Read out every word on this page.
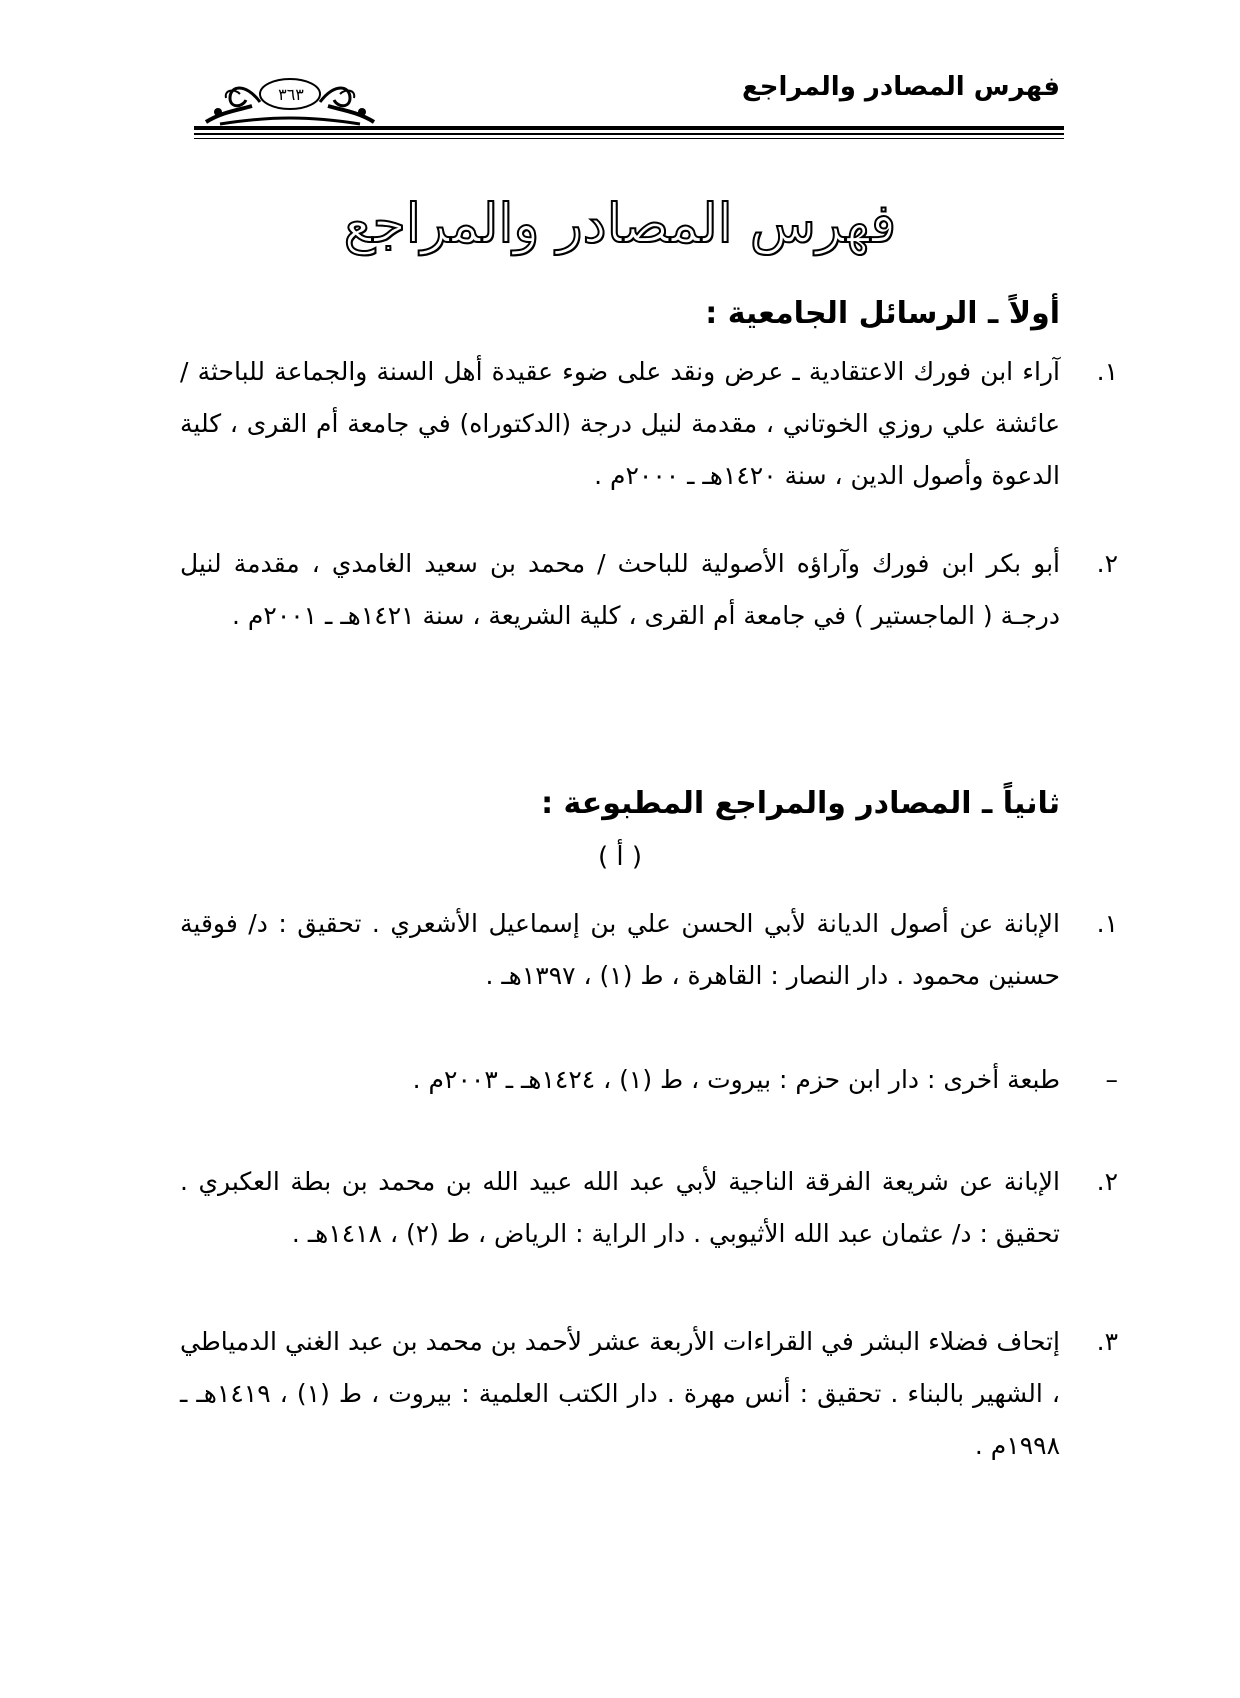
فهرس المصادر والمراجع
٣٦٣
فهرس المصادر والمراجع
أولاً ـ الرسائل الجامعية :
١.
آراء ابن فورك الاعتقادية ـ عرض ونقد على ضوء عقيدة أهل السنة والجماعة للباحثة / عائشة علي روزي الخوتاني ، مقدمة لنيل درجة (الدكتوراه) في جامعة أم القرى ، كلية الدعوة وأصول الدين ، سنة ١٤٢٠هـ ـ ٢٠٠٠م .
٢.
أبو بكر ابن فورك وآراؤه الأصولية للباحث / محمد بن سعيد الغامدي ، مقدمة لنيل درجـة ( الماجستير ) في جامعة أم القرى ، كلية الشريعة ، سنة ١٤٢١هـ ـ ٢٠٠١م .
ثانياً ـ المصادر والمراجع المطبوعة :
( أ )
١.
الإبانة عن أصول الديانة لأبي الحسن علي بن إسماعيل الأشعري . تحقيق : د/ فوقية حسنين محمود . دار النصار : القاهرة ، ط (١) ، ١٣٩٧هـ .
–
طبعة أخرى : دار ابن حزم : بيروت ، ط (١) ، ١٤٢٤هـ ـ ٢٠٠٣م .
٢.
الإبانة عن شريعة الفرقة الناجية لأبي عبد الله عبيد الله بن محمد بن بطة العكبري . تحقيق : د/ عثمان عبد الله الأثيوبي . دار الراية : الرياض ، ط (٢) ، ١٤١٨هـ .
٣.
إتحاف فضلاء البشر في القراءات الأربعة عشر لأحمد بن محمد بن عبد الغني الدمياطي ، الشهير بالبناء . تحقيق : أنس مهرة . دار الكتب العلمية : بيروت ، ط (١) ، ١٤١٩هـ ـ ١٩٩٨م .
